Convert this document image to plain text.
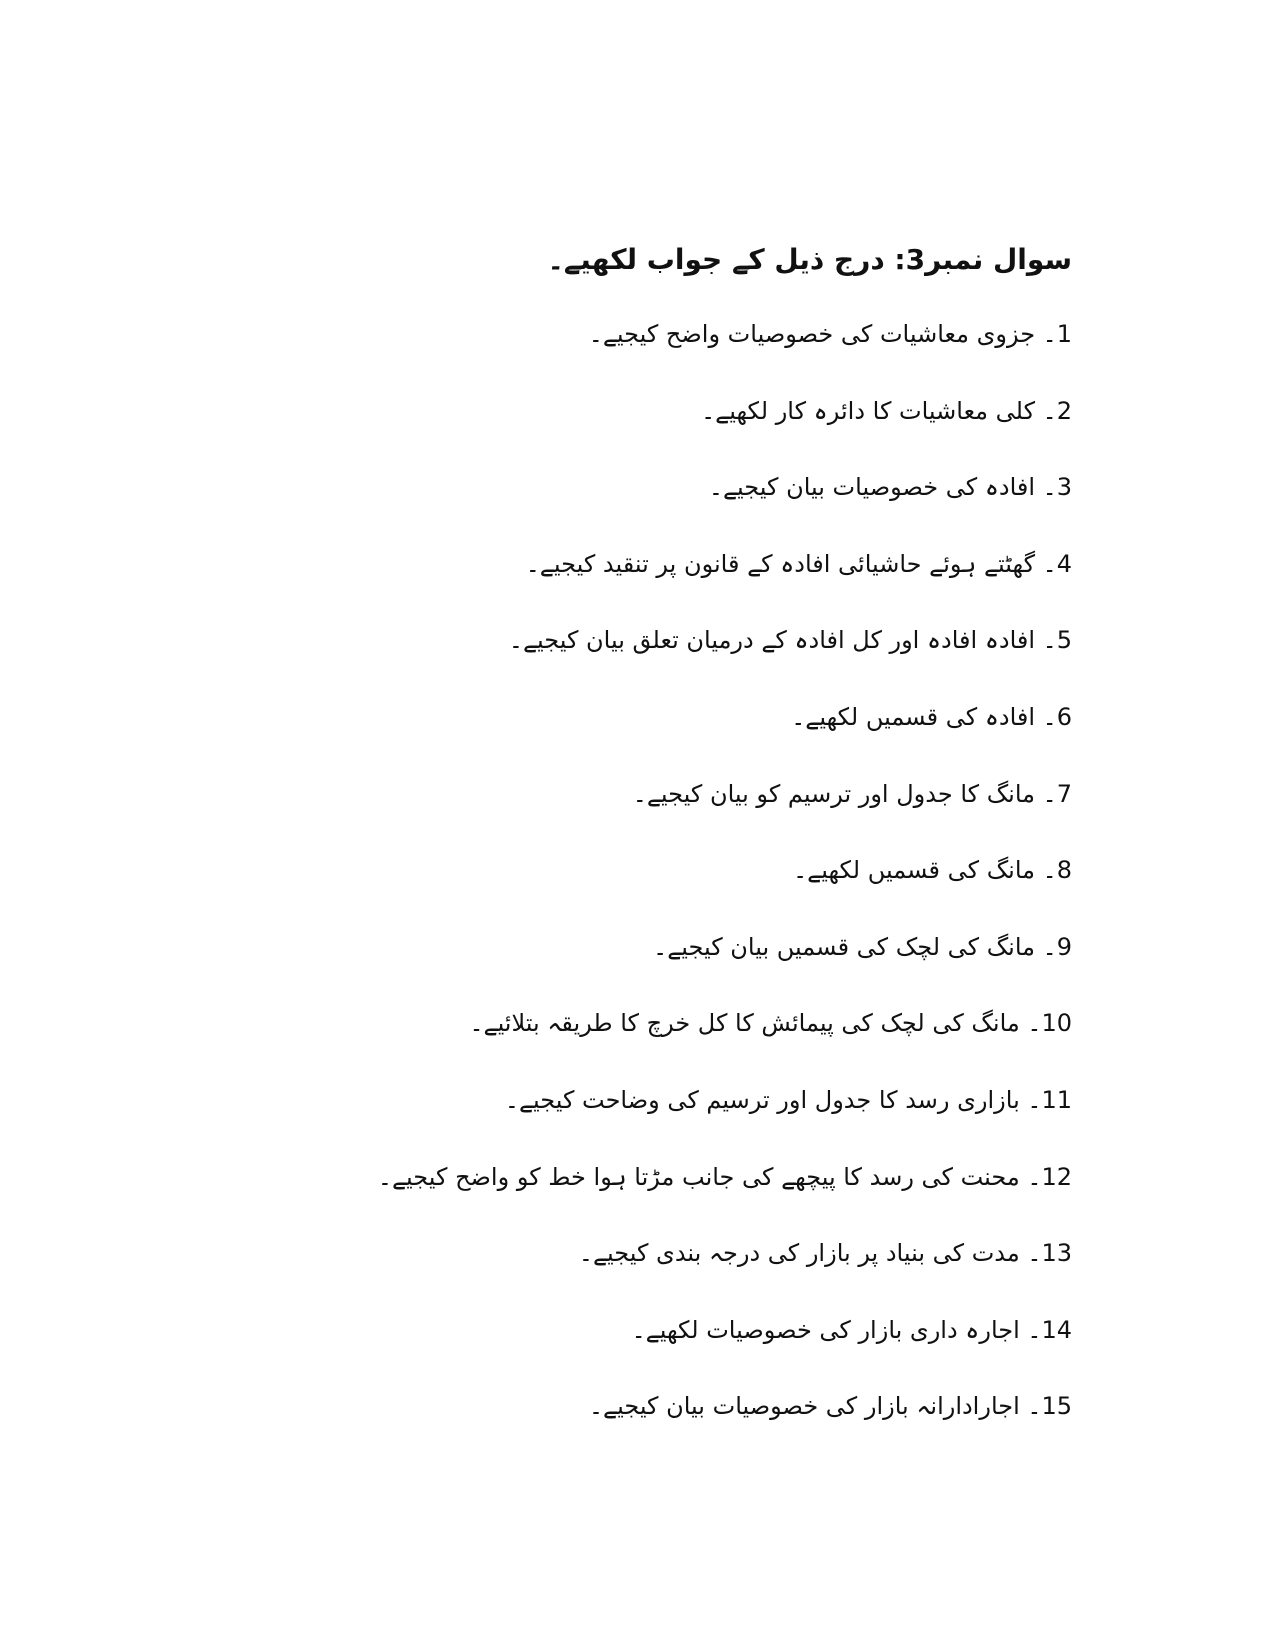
سوال نمبر3: درج ذیل کے جواب لکھیے۔
1۔ جزوی معاشیات کی خصوصیات واضح کیجیے۔
2۔ کلی معاشیات کا دائرہ کار لکھیے۔
3۔ افادہ کی خصوصیات بیان کیجیے۔
4۔ گھٹتے ہوئے حاشیائی افادہ کے قانون پر تنقید کیجیے۔
5۔ افادہ افادہ اور کل افادہ کے درمیان تعلق بیان کیجیے۔
6۔ افادہ کی قسمیں لکھیے۔
7۔ مانگ کا جدول اور ترسیم کو بیان کیجیے۔
8۔ مانگ کی قسمیں لکھیے۔
9۔ مانگ کی لچک کی قسمیں بیان کیجیے۔
10۔ مانگ کی لچک کی پیمائش کا کل خرچ کا طریقہ بتلائیے۔
11۔ بازاری رسد کا جدول اور ترسیم کی وضاحت کیجیے۔
12۔ محنت کی رسد کا پیچھے کی جانب مڑتا ہوا خط کو واضح کیجیے۔
13۔ مدت کی بنیاد پر بازار کی درجہ بندی کیجیے۔
14۔ اجارہ داری بازار کی خصوصیات لکھیے۔
15۔ اجارادارانہ بازار کی خصوصیات بیان کیجیے۔
